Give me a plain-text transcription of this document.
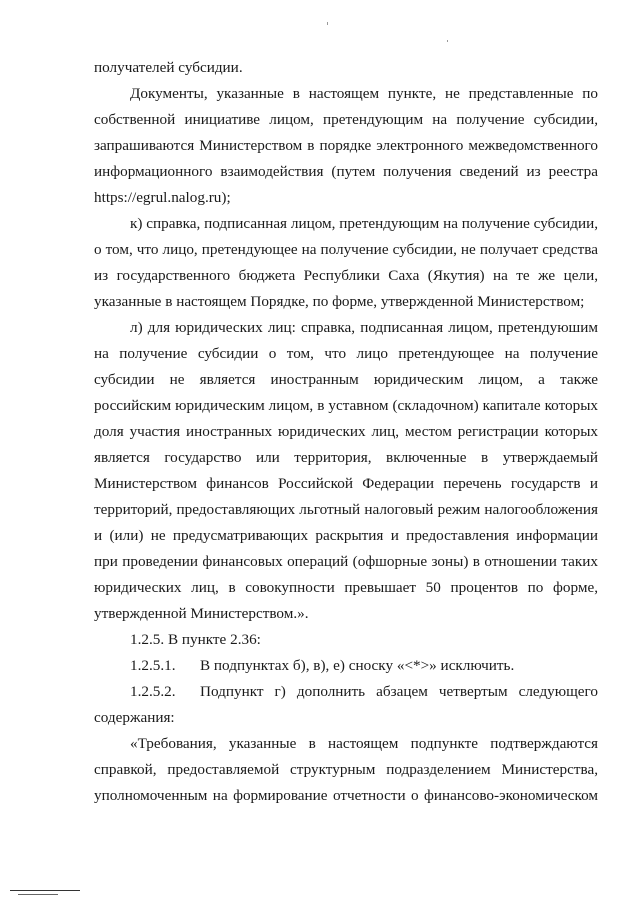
получателей субсидии.

Документы, указанные в настоящем пункте, не представленные по собственной инициативе лицом, претендующим на получение субсидии, запрашиваются Министерством в порядке электронного межведомственного информационного взаимодействия (путем получения сведений из реестра https://egrul.nalog.ru);

к) справка, подписанная лицом, претендующим на получение субсидии, о том, что лицо, претендующее на получение субсидии, не получает средства из государственного бюджета Республики Саха (Якутия) на те же цели, указанные в настоящем Порядке, по форме, утвержденной Министерством;

л) для юридических лиц: справка, подписанная лицом, претендуюшим на получение субсидии о том, что лицо претендующее на получение субсидии не является иностранным юридическим лицом, а также российским юридическим лицом, в уставном (складочном) капитале которых доля участия иностранных юридических лиц, местом регистрации которых является государство или территория, включенные в утверждаемый Министерством финансов Российской Федерации перечень государств и территорий, предоставляющих льготный налоговый режим налогообложения и (или) не предусматривающих раскрытия и предоставления информации при проведении финансовых операций (офшорные зоны) в отношении таких юридических лиц, в совокупности превышает 50 процентов по форме, утвержденной Министерством.».

1.2.5. В пункте 2.36:

1.2.5.1.	В подпунктах б), в), е) сноску «<*>» исключить.
1.2.5.2.	Подпункт г) дополнить абзацем четвертым следующего

содержания:

«Требования, указанные в настоящем подпункте подтверждаются справкой, предоставляемой структурным подразделением Министерства, уполномоченным на формирование отчетности о финансово-экономическом
